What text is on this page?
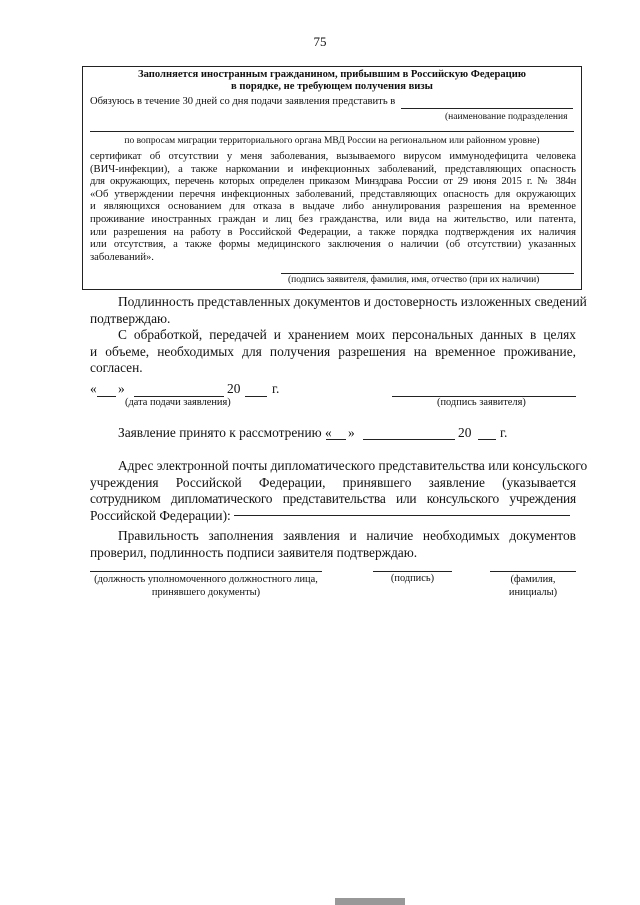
75
Заполняется иностранным гражданином, прибывшим в Российскую Федерацию
в порядке, не требующем получения визы
Обязуюсь в течение 30 дней со дня подачи заявления представить в
(наименование подразделения
по вопросам миграции территориального органа МВД России на региональном или районном уровне)
(подпись заявителя, фамилия, имя, отчество (при их наличии)
сертификат об отсутствии у меня заболевания, вызываемого вирусом иммунодефицита человека
(ВИЧ-инфекции), а также наркомании и инфекционных заболеваний, представляющих опасность
для окружающих, перечень которых определен приказом Минздрава России от 29 июня 2015 г. № 384н
«Об утверждении перечня инфекционных заболеваний, представляющих опасность для окружающих
и являющихся основанием для отказа в выдаче либо аннулирования разрешения на временное
проживание иностранных граждан и лиц без гражданства, или вида на жительство, или патента,
или разрешения на работу в Российской Федерации, а также порядка подтверждения их наличия
или отсутствия, а также формы медицинского заключения о наличии (об отсутствии) указанных
заболеваний».
Подлинность представленных документов и достоверность изложенных сведений
подтверждаю.
С обработкой, передачей и хранением моих персональных данных в целях
и объеме, необходимых для получения разрешения на временное проживание,
согласен.
« »	20 г.
(дата подачи заявления)	(подпись заявителя)
Заявление принято к рассмотрению « »	20 г.
Адрес электронной почты дипломатического представительства или консульского
учреждения Российской Федерации, принявшего заявление (указывается
сотрудником дипломатического представительства или консульского учреждения
Российской Федерации):
Правильность заполнения заявления и наличие необходимых документов
проверил, подлинность подписи заявителя подтверждаю.
(должность уполномоченного должностного лица,
принявшего документы)
(подпись)	(фамилия,
инициалы)
